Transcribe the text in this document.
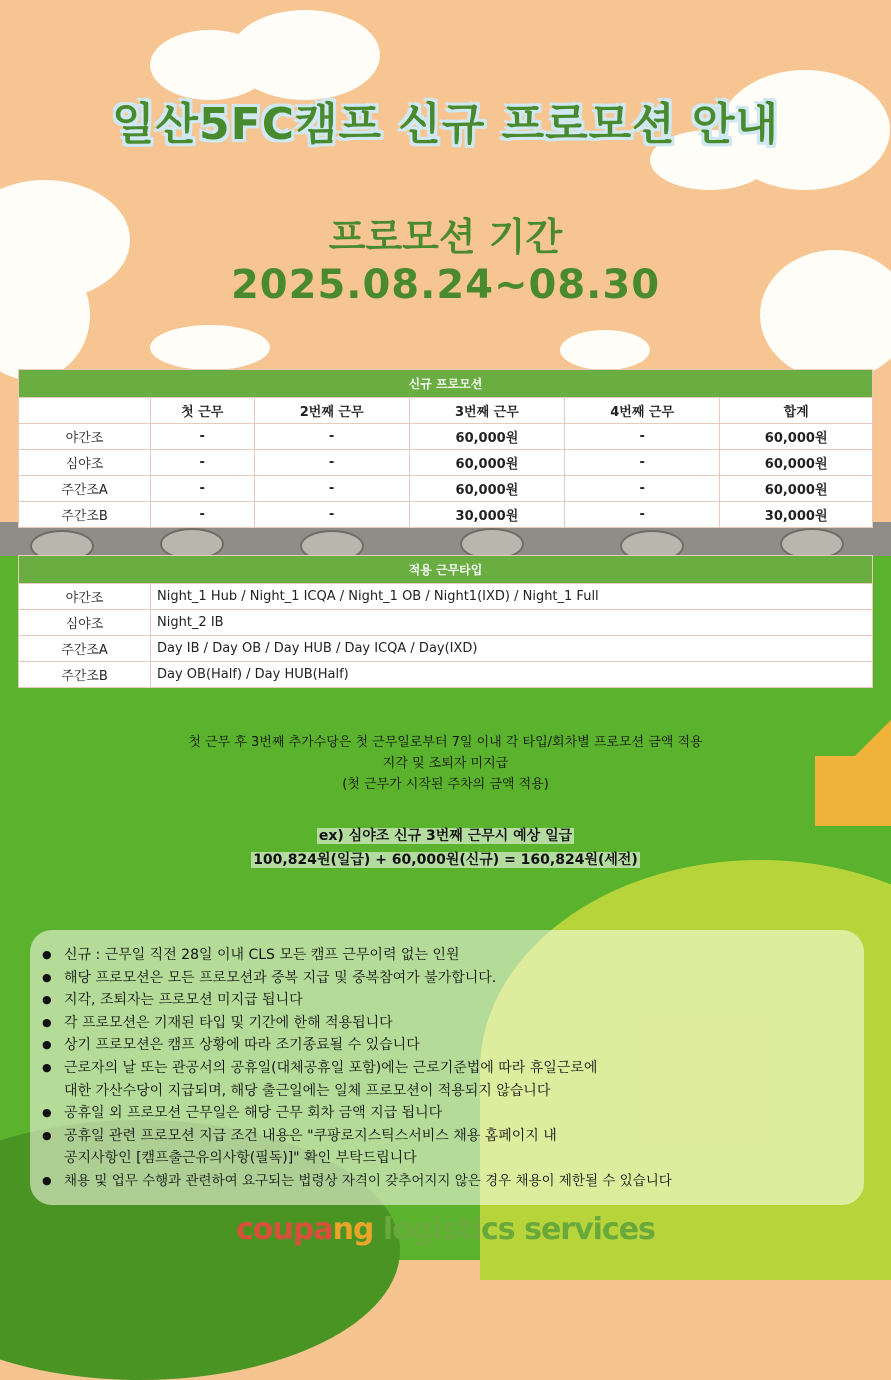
일산5FC캠프 신규 프로모션 안내
프로모션 기간
2025.08.24~08.30
신규 프로모션					
	첫 근무	2번째 근무	3번째 근무	4번째 근무	합계
야간조	-	-	60,000원	-	60,000원
심야조	-	-	60,000원	-	60,000원
주간조A	-	-	60,000원	-	60,000원
주간조B	-	-	30,000원	-	30,000원
적용 근무타입	
야간조	Night_1 Hub / Night_1 ICQA / Night_1 OB / Night1(IXD) / Night_1 Full
심야조	Night_2 IB
주간조A	Day IB / Day OB / Day HUB / Day ICQA / Day(IXD)
주간조B	Day OB(Half) / Day HUB(Half)
첫 근무 후 3번째 추가수당은 첫 근무일로부터 7일 이내 각 타입/회차별 프로모션 금액 적용
지각 및 조퇴자 미지급
(첫 근무가 시작된 주차의 금액 적용)
ex) 심야조 신규 3번째 근무시 예상 일급
100,824원(일급) + 60,000원(신규) = 160,824원(세전)
● 신규 : 근무일 직전 28일 이내 CLS 모든 캠프 근무이력 없는 인원
● 해당 프로모션은 모든 프로모션과 중복 지급 및 중복참여가 불가합니다.
● 지각, 조퇴자는 프로모션 미지급 됩니다
● 각 프로모션은 기재된 타입 및 기간에 한해 적용됩니다
● 상기 프로모션은 캠프 상황에 따라 조기종료될 수 있습니다
● 근로자의 날 또는 관공서의 공휴일(대체공휴일 포함)에는 근로기준법에 따라 휴일근로에
대한 가산수당이 지급되며, 해당 출근일에는 일체 프로모션이 적용되지 않습니다
● 공휴일 외 프로모션 근무일은 해당 근무 회차 금액 지급 됩니다
● 공휴일 관련 프로모션 지급 조건 내용은 "쿠팡로지스틱스서비스 채용 홈페이지 내
공지사항인 [캠프출근유의사항(필독)]" 확인 부탁드립니다
● 채용 및 업무 수행과 관련하여 요구되는 법령상 자격이 갖추어지지 않은 경우 채용이 제한될 수 있습니다
coupang logistics services
